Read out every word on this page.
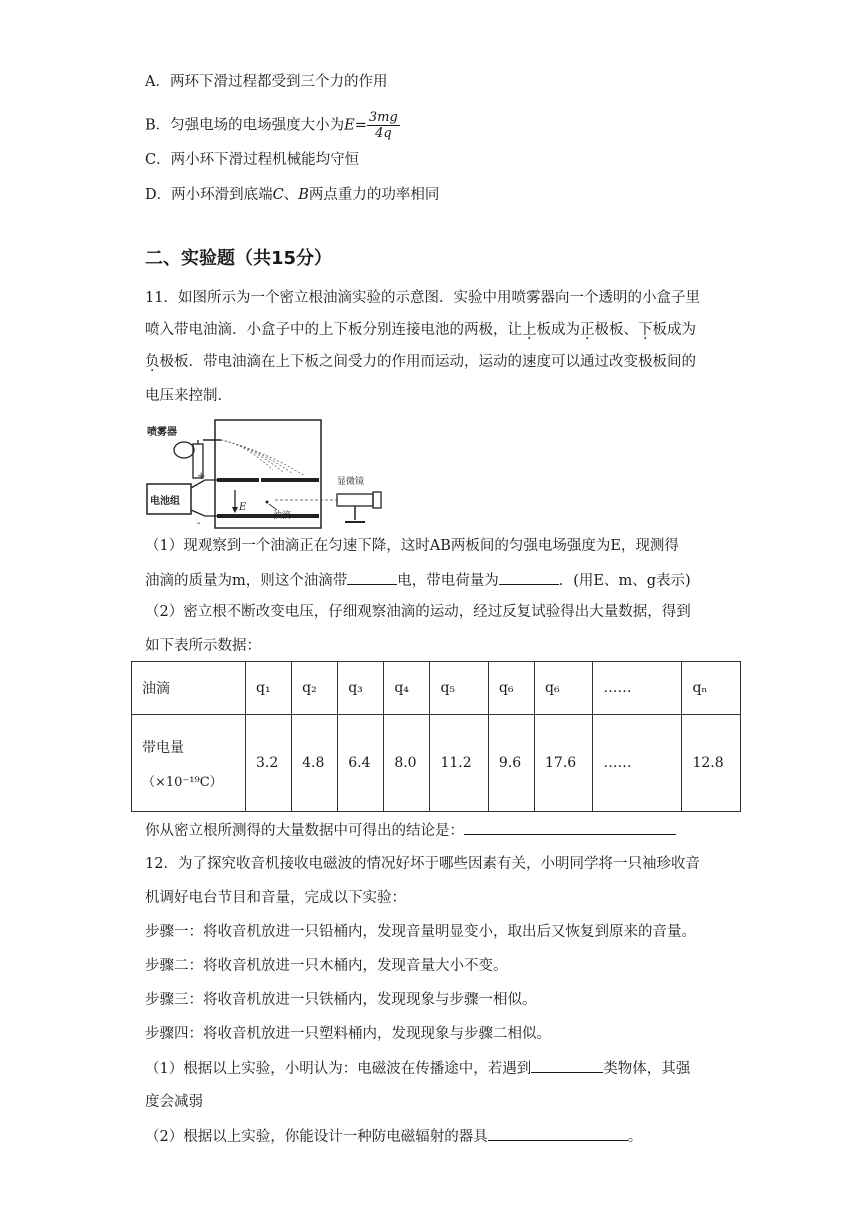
A．两环下滑过程都受到三个力的作用
B．匀强电场的电场强度大小为$E= \frac{3mg}{4q}$
C．两小环下滑过程机械能均守恒
D．两小环滑到底端C、B两点重力的功率相同
二、实验题（共15分）
11．如图所示为一个密立根油滴实验的示意图．实验中用喷雾器向一个透明的小盒子里
喷入带电油滴．小盒子中的上下板分别连接电池的两极，让上板成为正极板、下板成为
负极板．带电油滴在上下板之间受力的作用而运动，运动的速度可以通过改变极板间的
电压来控制．
喷雾器
电池组
+
-
E
油滴
显微镜
（1）现观察到一个油滴正在匀速下降，这时AB两板间的匀强电场强度为E，现测得
油滴的质量为m，则这个油滴带	电，带电荷量为	．(用E、m、g表示)
（2）密立根不断改变电压，仔细观察油滴的运动，经过反复试验得出大量数据，得到
如下表所示数据：
油滴	q₁	q₂	q₃	q₄	q₅	q₆	q₆	……	qₙ

带电量
（×10⁻¹⁹C）	3.2	4.8	6.4	8.0	11.2	9.6	17.6	……	12.8
你从密立根所测得的大量数据中可得出的结论是：
12．为了探究收音机接收电磁波的情况好坏于哪些因素有关，小明同学将一只袖珍收音
机调好电台节目和音量，完成以下实验：
步骤一：将收音机放进一只铅桶内，发现音量明显变小，取出后又恢复到原来的音量。
步骤二：将收音机放进一只木桶内，发现音量大小不变。
步骤三：将收音机放进一只铁桶内，发现现象与步骤一相似。
步骤四：将收音机放进一只塑料桶内，发现现象与步骤二相似。
（1）根据以上实验，小明认为：电磁波在传播途中，若遇到	类物体，其强
度会减弱
（2）根据以上实验，你能设计一种防电磁辐射的器具	。
